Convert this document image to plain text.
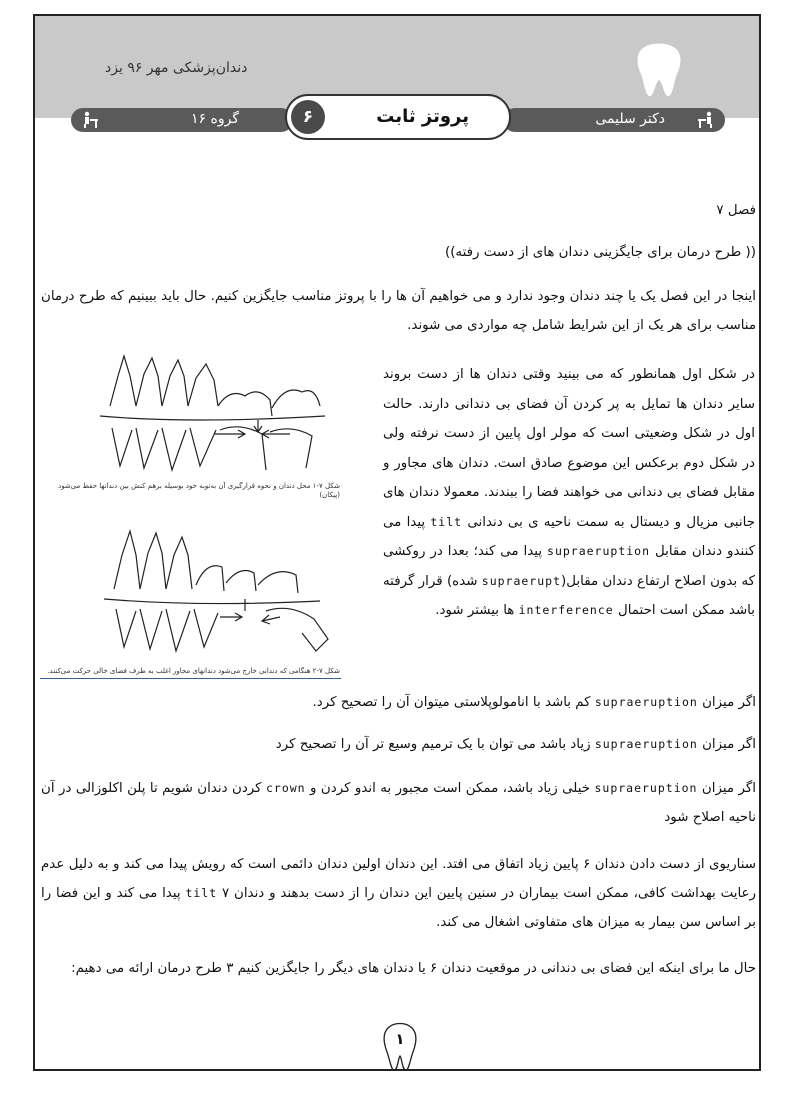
دندان‌پزشکی مهر ۹۶ یزد
گروه ۱۶	دکتر سلیمی
۶	پروتز ثابت
فصل ۷
(( طرح درمان برای جایگزینی دندان های از دست رفته))
اینجا در این فصل یک یا چند دندان وجود ندارد و می خواهیم آن ها را با پروتز مناسب جایگزین کنیم. حال باید ببینیم که طرح درمان مناسب برای هر یک از این شرایط شامل چه مواردی می شوند.
در شکل اول همانطور که می بینید وقتی دندان ها از دست بروند سایر دندان ها تمایل به پر کردن آن فضای بی دندانی دارند. حالت اول در شکل وضعیتی است که مولر اول پایین از دست نرفته ولی در شکل دوم برعکس این موضوع صادق است. دندان های مجاور و مقابل فضای بی دندانی می خواهند فضا را ببندند. معمولا دندان های جانبی مزیال و دیستال به سمت ناحیه ی بی دندانی tilt پیدا می کنندو دندان مقابل supraeruption پیدا می کند؛ بعدا در روکشی که بدون اصلاح ارتفاع دندان مقابل(supraerupt شده) قرار گرفته باشد ممکن است احتمال interference ها بیشتر شود.
شکل ۷-۱ محل دندان و نحوه قرارگیری آن به‌نوبه خود بوسیله برهم کنش بین دندانها حفظ می‌شود (پیکان)
شکل ۷-۲ هنگامی که دندانی خارج می‌شود دندانهای مجاور اغلب به طرف فضای خالی حرکت می‌کنند.
اگر میزان supraeruption کم باشد با انامولوپلاستی میتوان آن را تصحیح کرد.
اگر میزان supraeruption زیاد باشد می توان با یک ترمیم وسیع تر آن را تصحیح کرد
اگر میزان supraeruption خیلی زیاد باشد، ممکن است مجبور به اندو کردن و crown کردن دندان شویم تا پلن اکلوزالی در آن ناحیه اصلاح شود
سناریوی از دست دادن دندان ۶ پایین زیاد اتفاق می افتد. این دندان اولین دندان دائمی است که رویش پیدا می کند و به دلیل عدم رعایت بهداشت کافی، ممکن است بیماران در سنین پایین این دندان را از دست بدهند و دندان ۷ tilt پیدا می کند و این فضا را بر اساس سن بیمار به میزان های متفاوتی اشغال می کند.
حال ما برای اینکه این فضای بی دندانی در موقعیت دندان ۶ یا دندان های دیگر را جایگزین کنیم ۳ طرح درمان ارائه می دهیم:
۱
